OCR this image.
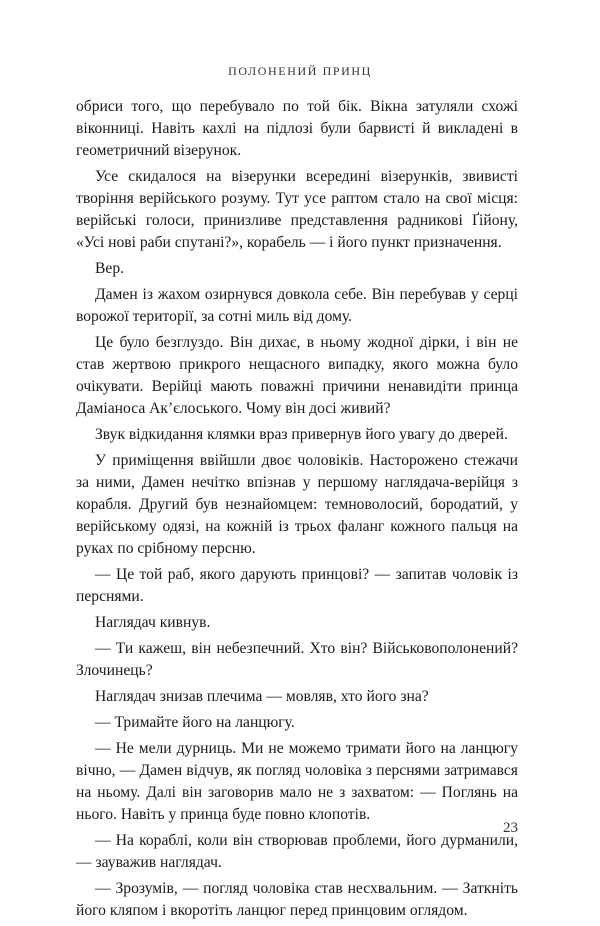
ПОЛОНЕНИЙ ПРИНЦ

обриси того, що перебувало по той бік. Вікна затуляли схожі віконниці. Навіть кахлі на підлозі були барвисті й викладені в геометричний візерунок.

Усе скидалося на візерунки всередині візерунків, звивисті творіння верійського розуму. Тут усе раптом стало на свої місця: верійські голоси, принизливе представлення радникові Ґійону, «Усі нові раби спутані?», корабель — і його пункт призначення.

Вер.

Дамен із жахом озирнувся довкола себе. Він перебував у серці ворожої території, за сотні миль від дому.

Це було безглуздо. Він дихає, в ньому жодної дірки, і він не став жертвою прикрого нещасного випадку, якого можна було очікувати. Верійці мають поважні причини ненавидіти принца Даміаноса Ак’єлоського. Чому він досі живий?

Звук відкидання клямки враз привернув його увагу до дверей.

У приміщення ввійшли двоє чоловіків. Насторожено стежачи за ними, Дамен нечітко впізнав у першому наглядача-верійця з корабля. Другий був незнайомцем: темноволосий, бородатий, у верійському одязі, на кожній із трьох фаланг кожного пальця на руках по срібному персню.

— Це той раб, якого дарують принцові? — запитав чоловік із перснями.

Наглядач кивнув.

— Ти кажеш, він небезпечний. Хто він? Військовополонений? Злочинець?

Наглядач знизав плечима — мовляв, хто його зна?

— Тримайте його на ланцюгу.

— Не мели дурниць. Ми не можемо тримати його на ланцюгу вічно, — Дамен відчув, як погляд чоловіка з перснями затримався на ньому. Далі він заговорив мало не з захватом: — Поглянь на нього. Навіть у принца буде повно клопотів.

— На кораблі, коли він створював проблеми, його дурманили, — зауважив наглядач.

— Зрозумів, — погляд чоловіка став несхвальним. — Заткніть його кляпом і вкоротіть ланцюг перед принцовим оглядом.

23
